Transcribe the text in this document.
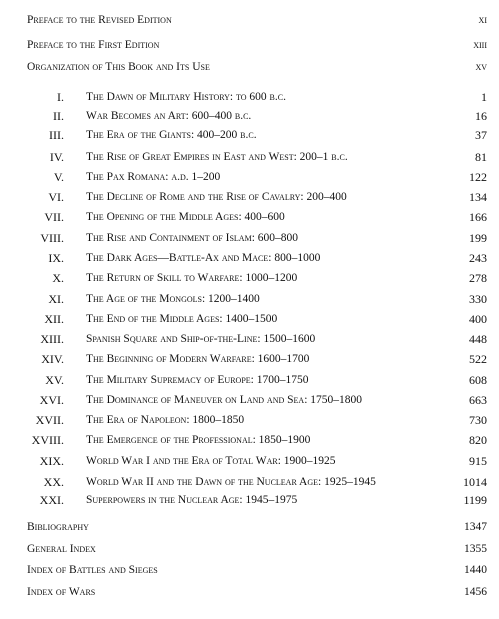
Preface to the Revised Edition	xi
Preface to the First Edition	xiii
Organization of This Book and Its Use	xv
I. The Dawn of Military History: to 600 b.c.	1
II. War Becomes an Art: 600–400 b.c.	16
III. The Era of the Giants: 400–200 b.c.	37
IV. The Rise of Great Empires in East and West: 200–1 b.c.	81
V. The Pax Romana: a.d. 1–200	122
VI. The Decline of Rome and the Rise of Cavalry: 200–400	134
VII. The Opening of the Middle Ages: 400–600	166
VIII. The Rise and Containment of Islam: 600–800	199
IX. The Dark Ages—Battle-Ax and Mace: 800–1000	243
X. The Return of Skill to Warfare: 1000–1200	278
XI. The Age of the Mongols: 1200–1400	330
XII. The End of the Middle Ages: 1400–1500	400
XIII. Spanish Square and Ship-of-the-Line: 1500–1600	448
XIV. The Beginning of Modern Warfare: 1600–1700	522
XV. The Military Supremacy of Europe: 1700–1750	608
XVI. The Dominance of Maneuver on Land and Sea: 1750–1800	663
XVII. The Era of Napoleon: 1800–1850	730
XVIII. The Emergence of the Professional: 1850–1900	820
XIX. World War I and the Era of Total War: 1900–1925	915
XX. World War II and the Dawn of the Nuclear Age: 1925–1945	1014
XXI. Superpowers in the Nuclear Age: 1945–1975	1199
Bibliography	1347
General Index	1355
Index of Battles and Sieges	1440
Index of Wars	1456
